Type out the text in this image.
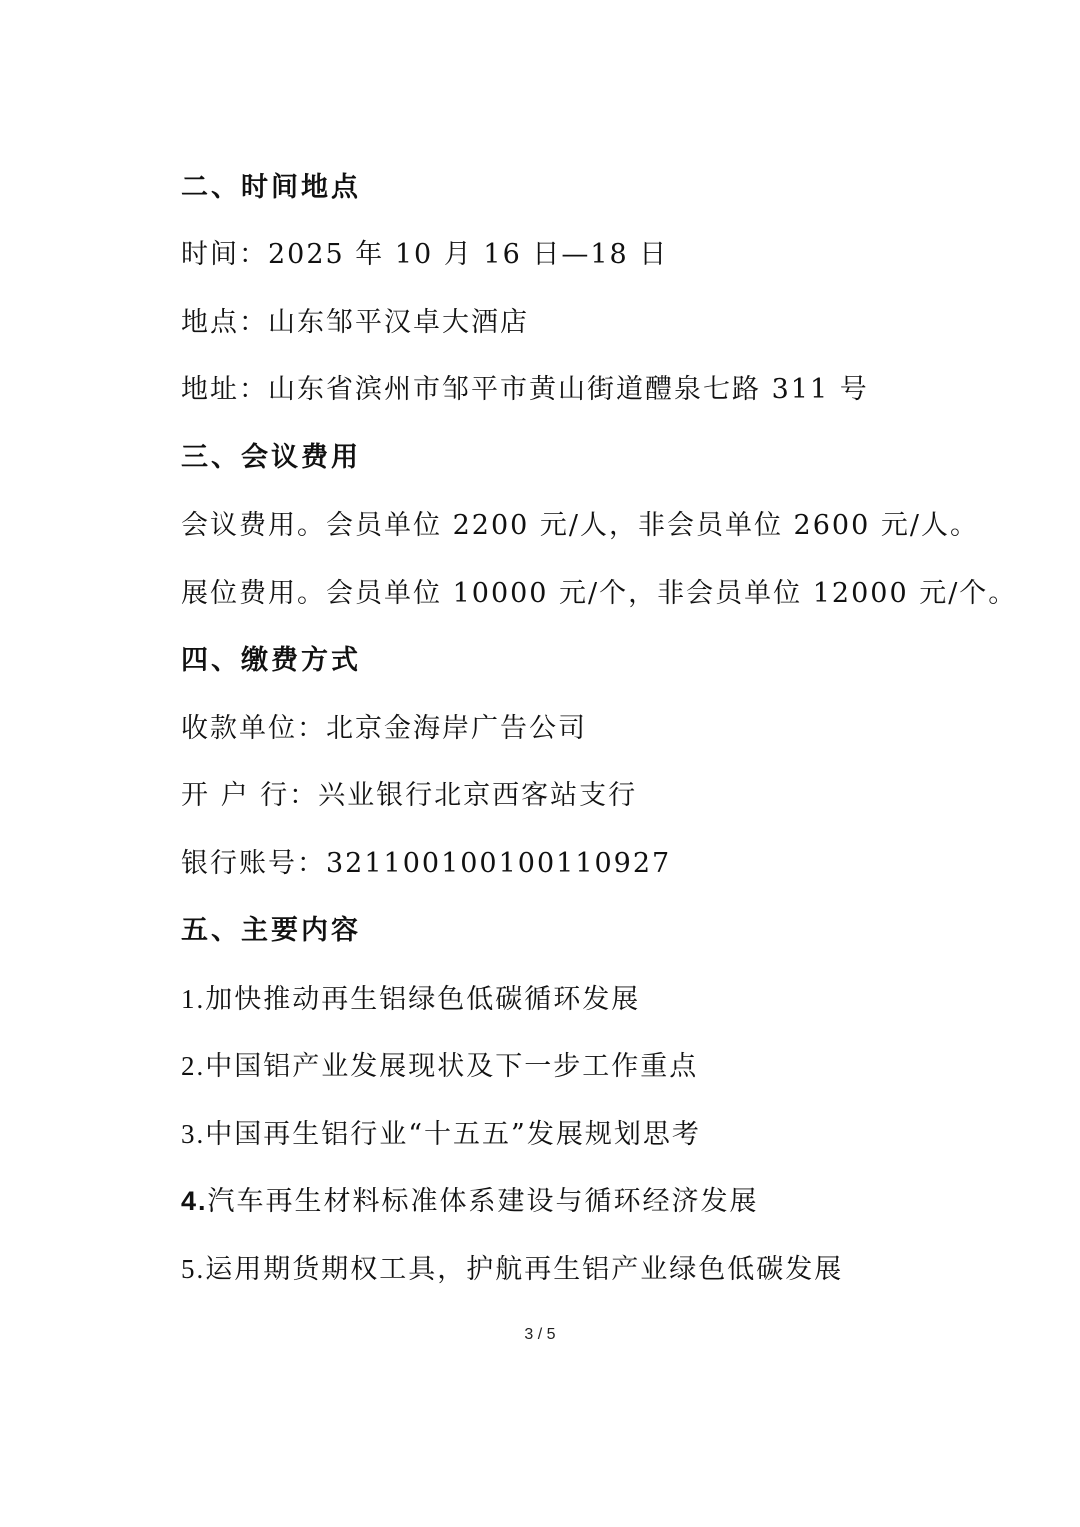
二、时间地点
时间：2025 年 10 月 16 日—18 日
地点：山东邹平汉卓大酒店
地址：山东省滨州市邹平市黄山街道醴泉七路 311 号
三、会议费用
会议费用。会员单位 2200 元/人，非会员单位 2600 元/人。
展位费用。会员单位 10000 元/个，非会员单位 12000 元/个。
四、缴费方式
收款单位：北京金海岸广告公司
开 户 行：兴业银行北京西客站支行
银行账号：321100100100110927
五、主要内容
1.加快推动再生铝绿色低碳循环发展
2.中国铝产业发展现状及下一步工作重点
3.中国再生铝行业“十五五”发展规划思考
4.汽车再生材料标准体系建设与循环经济发展
5.运用期货期权工具，护航再生铝产业绿色低碳发展
3 / 5
